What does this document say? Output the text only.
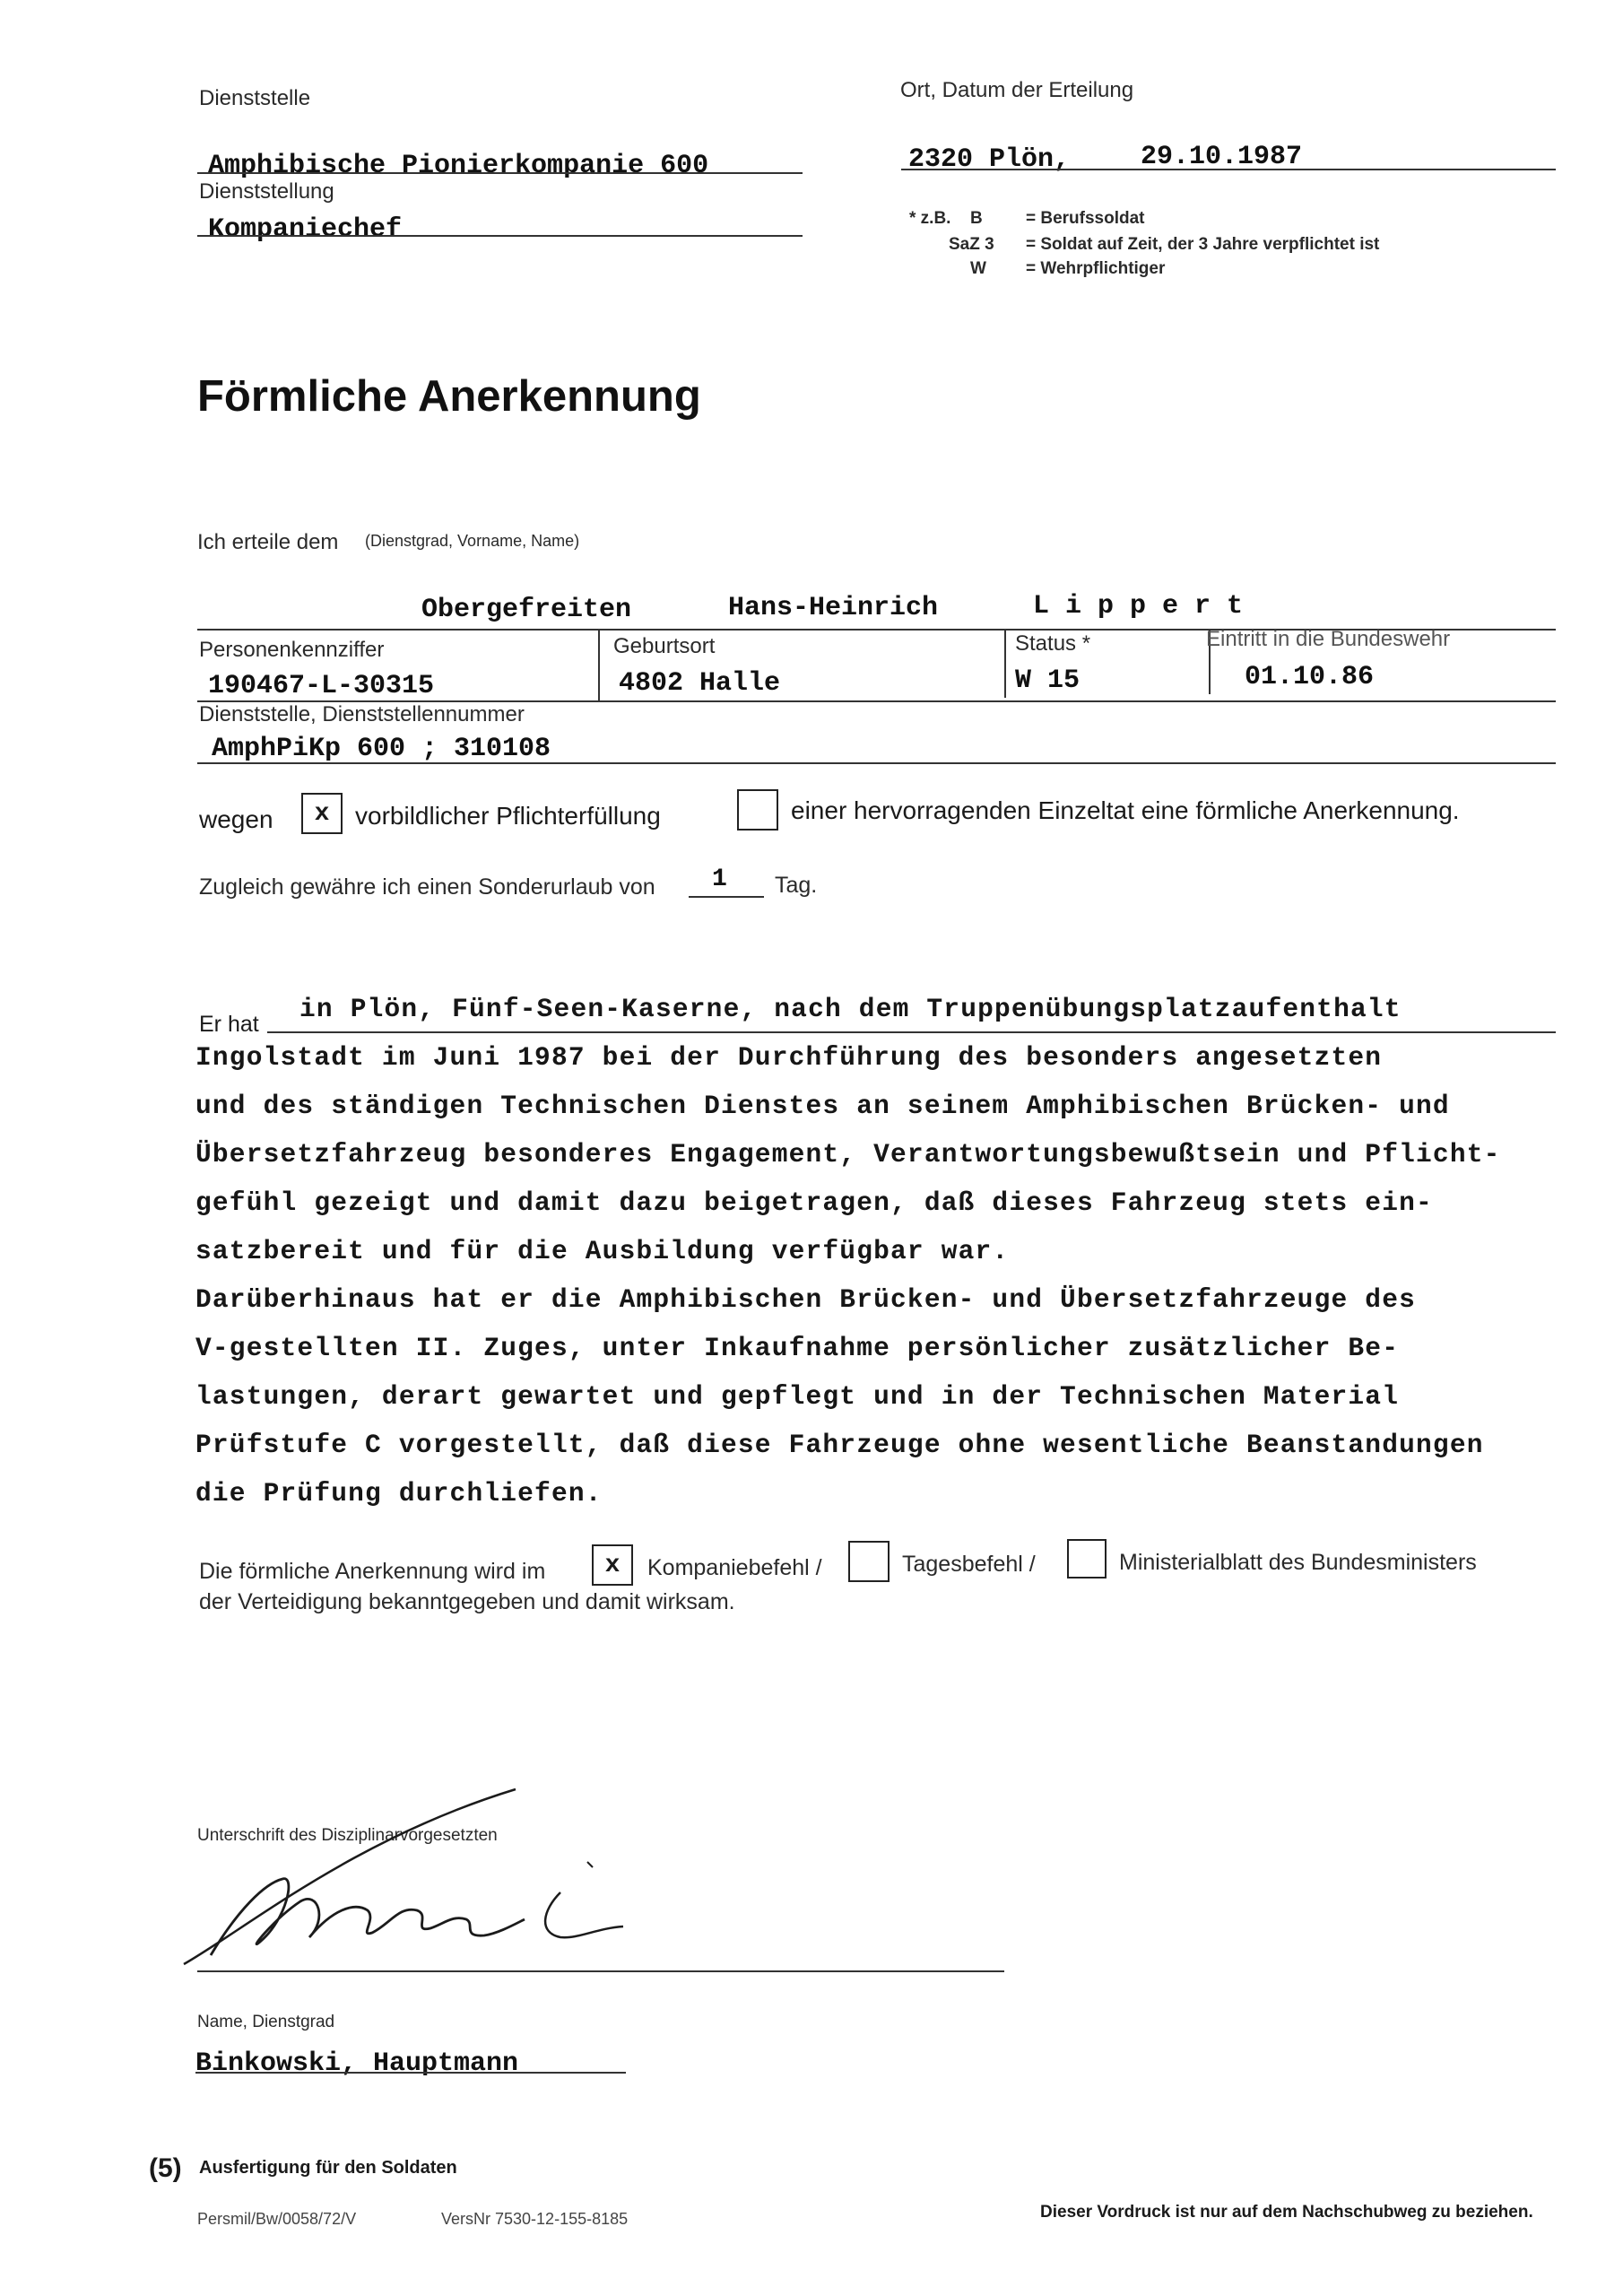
Dienststelle
Amphibische Pionierkompanie 600
Dienststellung
Kompaniechef
Ort, Datum der Erteilung
2320 Plön,	29.10.1987
* z.B. B	= Berufssoldat
SaZ 3 = Soldat auf Zeit, der 3 Jahre verpflichtet ist
W = Wehrpflichtiger
Förmliche Anerkennung
Ich erteile dem (Dienstgrad, Vorname, Name)
Obergefreiten	Hans-Heinrich	L i p p e r t
Personenkennziffer
190467-L-30315
Geburtsort
4802 Halle
Status *
W 15
Eintritt in die Bundeswehr
01.10.86
Dienststelle, Dienststellennummer
AmphPiKp 600 ; 310108
wegen	x	vorbildlicher Pflichterfüllung	einer hervorragenden Einzeltat eine förmliche Anerkennung.
Zugleich gewähre ich einen Sonderurlaub von 1 Tag.
Er hat in Plön, Fünf-Seen-Kaserne, nach dem Truppenübungsplatzaufenthalt
Ingolstadt im Juni 1987 bei der Durchführung des besonders angesetzten
und des ständigen Technischen Dienstes an seinem Amphibischen Brücken- und
Übersetzfahrzeug besonderes Engagement, Verantwortungsbewußtsein und Pflicht-
gefühl gezeigt und damit dazu beigetragen, daß dieses Fahrzeug stets ein-
satzbereit und für die Ausbildung verfügbar war.
Darüberhinaus hat er die Amphibischen Brücken- und Übersetzfahrzeuge des
V-gestellten II. Zuges, unter Inkaufnahme persönlicher zusätzlicher Be-
lastungen, derart gewartet und gepflegt und in der Technischen Material
Prüfstufe C vorgestellt, daß diese Fahrzeuge ohne wesentliche Beanstandungen
die Prüfung durchliefen.
Die förmliche Anerkennung wird im	x	Kompaniebefehl /	Tagesbefehl /	Ministerialblatt des Bundesministers
der Verteidigung bekanntgegeben und damit wirksam.
Unterschrift des Disziplinarvorgesetzten
Name, Dienstgrad
Binkowski, Hauptmann
(5) Ausfertigung für den Soldaten
Persmil/Bw/0058/72/V	VersNr 7530-12-155-8185	Dieser Vordruck ist nur auf dem Nachschubweg zu beziehen.
